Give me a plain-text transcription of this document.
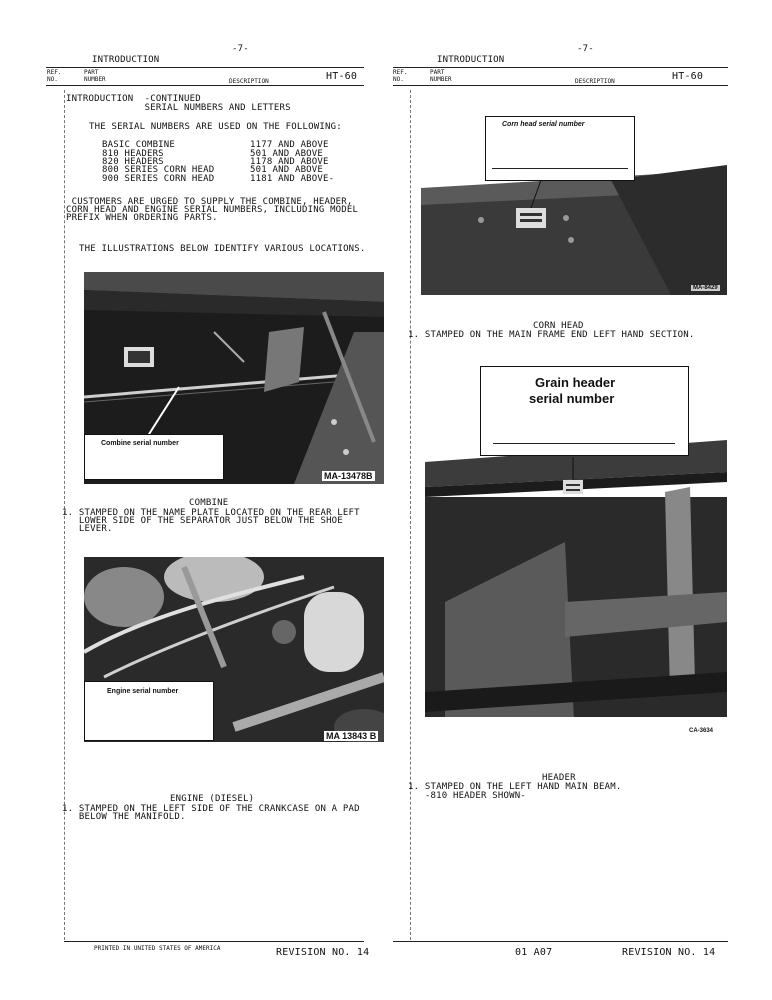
-7-
INTRODUCTION
REF.
NO.
PART
NUMBER	DESCRIPTION	HT-60
INTRODUCTION  -CONTINUED
SERIAL NUMBERS AND LETTERS
THE SERIAL NUMBERS ARE USED ON THE FOLLOWING:
BASIC COMBINE	1177 AND ABOVE
810 HEADERS	501 AND ABOVE
820 HEADERS	1178 AND ABOVE
800 SERIES CORN HEAD	501 AND ABOVE
900 SERIES CORN HEAD	1181 AND ABOVE-
CUSTOMERS ARE URGED TO SUPPLY THE COMBINE, HEADER,
CORN HEAD AND ENGINE SERIAL NUMBERS, INCLUDING MODEL
PREFIX WHEN ORDERING PARTS.
THE ILLUSTRATIONS BELOW IDENTIFY VARIOUS LOCATIONS.
Combine serial number
MA-13478B
COMBINE
1. STAMPED ON THE NAME PLATE LOCATED ON THE REAR LEFT
LOWER SIDE OF THE SEPARATOR JUST BELOW THE SHOE
LEVER.
Engine serial number
MA 13843 B
ENGINE (DIESEL)
1. STAMPED ON THE LEFT SIDE OF THE CRANKCASE ON A PAD
BELOW THE MANIFOLD.
PRINTED IN UNITED STATES OF AMERICA	REVISION NO. 14
-7-
INTRODUCTION
REF.
NO.
PART
NUMBER	DESCRIPTION	HT-60
Corn head serial number
MA-8429
CORN HEAD
1. STAMPED ON THE MAIN FRAME END LEFT HAND SECTION.
Grain header
serial number
CA-3634
HEADER
1. STAMPED ON THE LEFT HAND MAIN BEAM.
-810 HEADER SHOWN-
01 A07	REVISION NO. 14
